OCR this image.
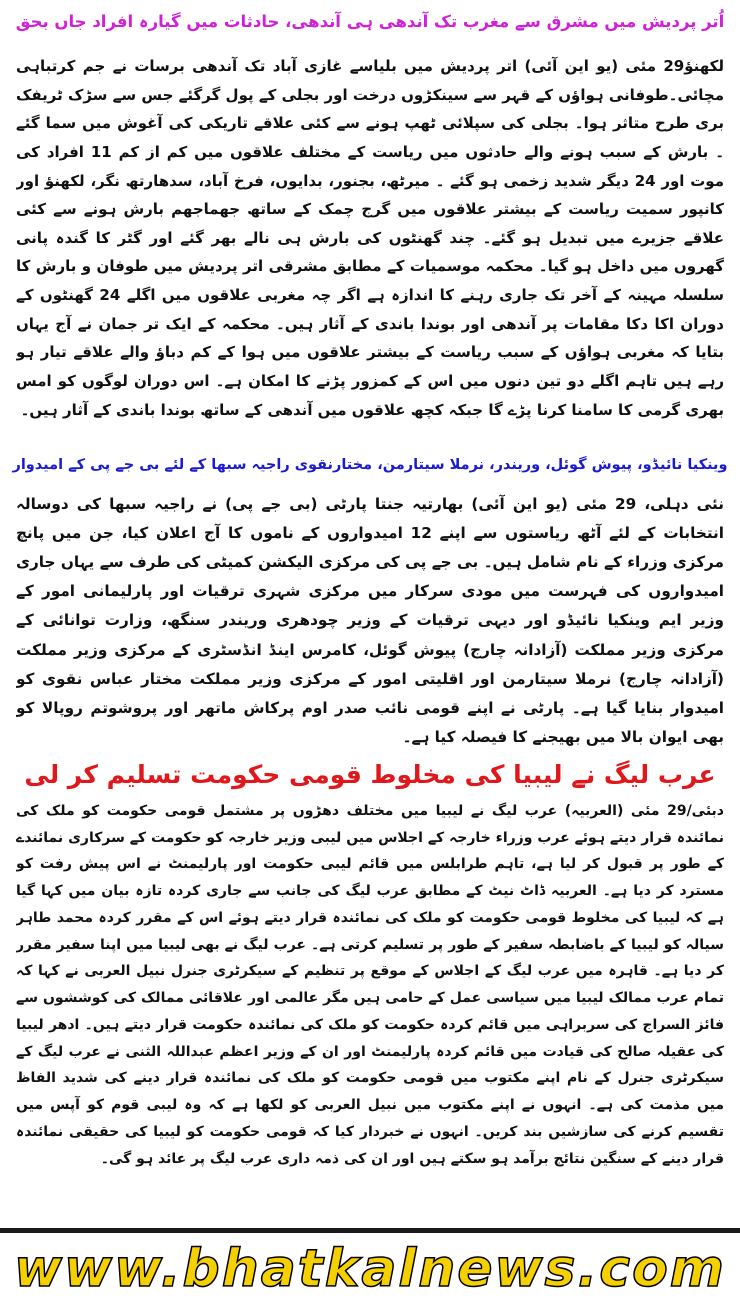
اُتر پردیش میں مشرق سے مغرب تک آندھی ہی آندھی، حادثات میں گیارہ افراد جاں بحق

لکھنؤ29 مئی (یو این آئی) اتر پردیش میں بلیاسے غازی آباد تک آندھی برسات نے جم کرتباہی مچائی۔طوفانی ہواؤں کے قہر سے سینکڑوں درخت اور بجلی کے پول گرگئے جس سے سڑک ٹریفک بری طرح متاثر ہوا۔ بجلی کی سپلائی ٹھپ ہونے سے کئی علاقے تاریکی کی آغوش میں سما گئے ۔ بارش کے سبب ہونے والے حادثوں میں ریاست کے مختلف علاقوں میں کم از کم 11 افراد کی موت اور 24 دیگر شدید زخمی ہو گئے ۔ میرٹھ، بجنور، بدایوں، فرخ آباد، سدھارتھ نگر، لکھنؤ اور کانپور سمیت ریاست کے بیشتر علاقوں میں گرج چمک کے ساتھ جھماجھم بارش ہونے سے کئی علاقے جزیرے میں تبدیل ہو گئے۔ چند گھنٹوں کی بارش ہی نالے بھر گئے اور گٹر کا گندہ پانی گھروں میں داخل ہو گیا۔ محکمہ موسمیات کے مطابق مشرقی اتر پردیش میں طوفان و بارش کا سلسلہ مہینہ کے آخر تک جاری رہنے کا اندازہ ہے اگر چہ مغربی علاقوں میں اگلے 24 گھنٹوں کے دوران اکا دکا مقامات پر آندھی اور بوندا باندی کے آثار ہیں۔ محکمہ کے ایک تر جمان نے آج یہاں بتایا کہ مغربی ہواؤں کے سبب ریاست کے بیشتر علاقوں میں ہوا کے کم دباؤ والے علاقے تیار ہو رہے ہیں تاہم اگلے دو تین دنوں میں اس کے کمزور پڑنے کا امکان ہے۔ اس دوران لوگوں کو امس بھری گرمی کا سامنا کرنا پڑے گا جبکہ کچھ علاقوں میں آندھی کے ساتھ بوندا باندی کے آثار ہیں۔

وینکیا نائیڈو، پیوش گوئل، وریندر، نرملا سیتارمن، مختارنقوی راجیہ سبھا کے لئے بی جے پی کے امیدوار

نئی دہلی، 29 مئی (یو این آئی) بھارتیہ جنتا پارٹی (بی جے پی) نے راجیہ سبھا کی دوسالہ انتخابات کے لئے آٹھ ریاستوں سے اپنے 12 امیدواروں کے ناموں کا آج اعلان کیا، جن میں پانچ مرکزی وزراء کے نام شامل ہیں۔ بی جے پی کی مرکزی الیکشن کمیٹی کی طرف سے یہاں جاری امیدواروں کی فہرست میں مودی سرکار میں مرکزی شہری ترقیات اور پارلیمانی امور کے وزیر ایم وینکیا نائیڈو اور دیہی ترقیات کے وزیر چودھری وریندر سنگھ، وزارت توانائی کے مرکزی وزیر مملکت (آزادانہ چارج) پیوش گوئل، کامرس اینڈ انڈسٹری کے مرکزی وزیر مملکت (آزادانہ چارج) نرملا سیتارمن اور اقلیتی امور کے مرکزی وزیر مملکت مختار عباس نقوی کو امیدوار بنایا گیا ہے۔ پارٹی نے اپنے قومی نائب صدر اوم پرکاش ماتھر اور پروشوتم روپالا کو بھی ایوان بالا میں بھیجنے کا فیصلہ کیا ہے۔

عرب لیگ نے لیبیا کی مخلوط قومی حکومت تسلیم کر لی

دبئی/29 مئی (العربیہ) عرب لیگ نے لیبیا میں مختلف دھڑوں پر مشتمل قومی حکومت کو ملک کی نمائندہ قرار دیتے ہوئے عرب وزراء خارجہ کے اجلاس میں لیبی وزیر خارجہ کو حکومت کے سرکاری نمائندے کے طور پر قبول کر لیا ہے، تاہم طرابلس میں قائم لیبی حکومت اور پارلیمنٹ نے اس پیش رفت کو مسترد کر دیا ہے۔ العربیہ ڈاٹ نیٹ کے مطابق عرب لیگ کی جانب سے جاری کردہ تازہ بیان میں کہا گیا ہے کہ لیبیا کی مخلوط قومی حکومت کو ملک کی نمائندہ قرار دیتے ہوئے اس کے مقرر کردہ محمد طاہر سیالہ کو لیبیا کے باضابطہ سفیر کے طور پر تسلیم کرتی ہے۔ عرب لیگ نے بھی لیبیا میں اپنا سفیر مقرر کر دیا ہے۔ قاہرہ میں عرب لیگ کے اجلاس کے موقع پر تنظیم کے سیکرٹری جنرل نبیل العربی نے کہا کہ تمام عرب ممالک لیبیا میں سیاسی عمل کے حامی ہیں مگر عالمی اور علاقائی ممالک کی کوششوں سے فائز السراج کی سربراہی میں قائم کردہ حکومت کو ملک کی نمائندہ حکومت قرار دیتے ہیں۔ ادھر لیبیا کی عقیلہ صالح کی قیادت میں قائم کردہ پارلیمنٹ اور ان کے وزیر اعظم عبداللہ الثنی نے عرب لیگ کے سیکرٹری جنرل کے نام اپنے مکتوب میں قومی حکومت کو ملک کی نمائندہ قرار دینے کی شدید الفاظ میں مذمت کی ہے۔ انہوں نے اپنے مکتوب میں نبیل العربی کو لکھا ہے کہ وہ لیبی قوم کو آپس میں تقسیم کرنے کی سازشیں بند کریں۔ انہوں نے خبردار کیا کہ قومی حکومت کو لیبیا کی حقیقی نمائندہ قرار دینے کے سنگین نتائج برآمد ہو سکتے ہیں اور ان کی ذمہ داری عرب لیگ پر عائد ہو گی۔

www.bhatkalnews.com
